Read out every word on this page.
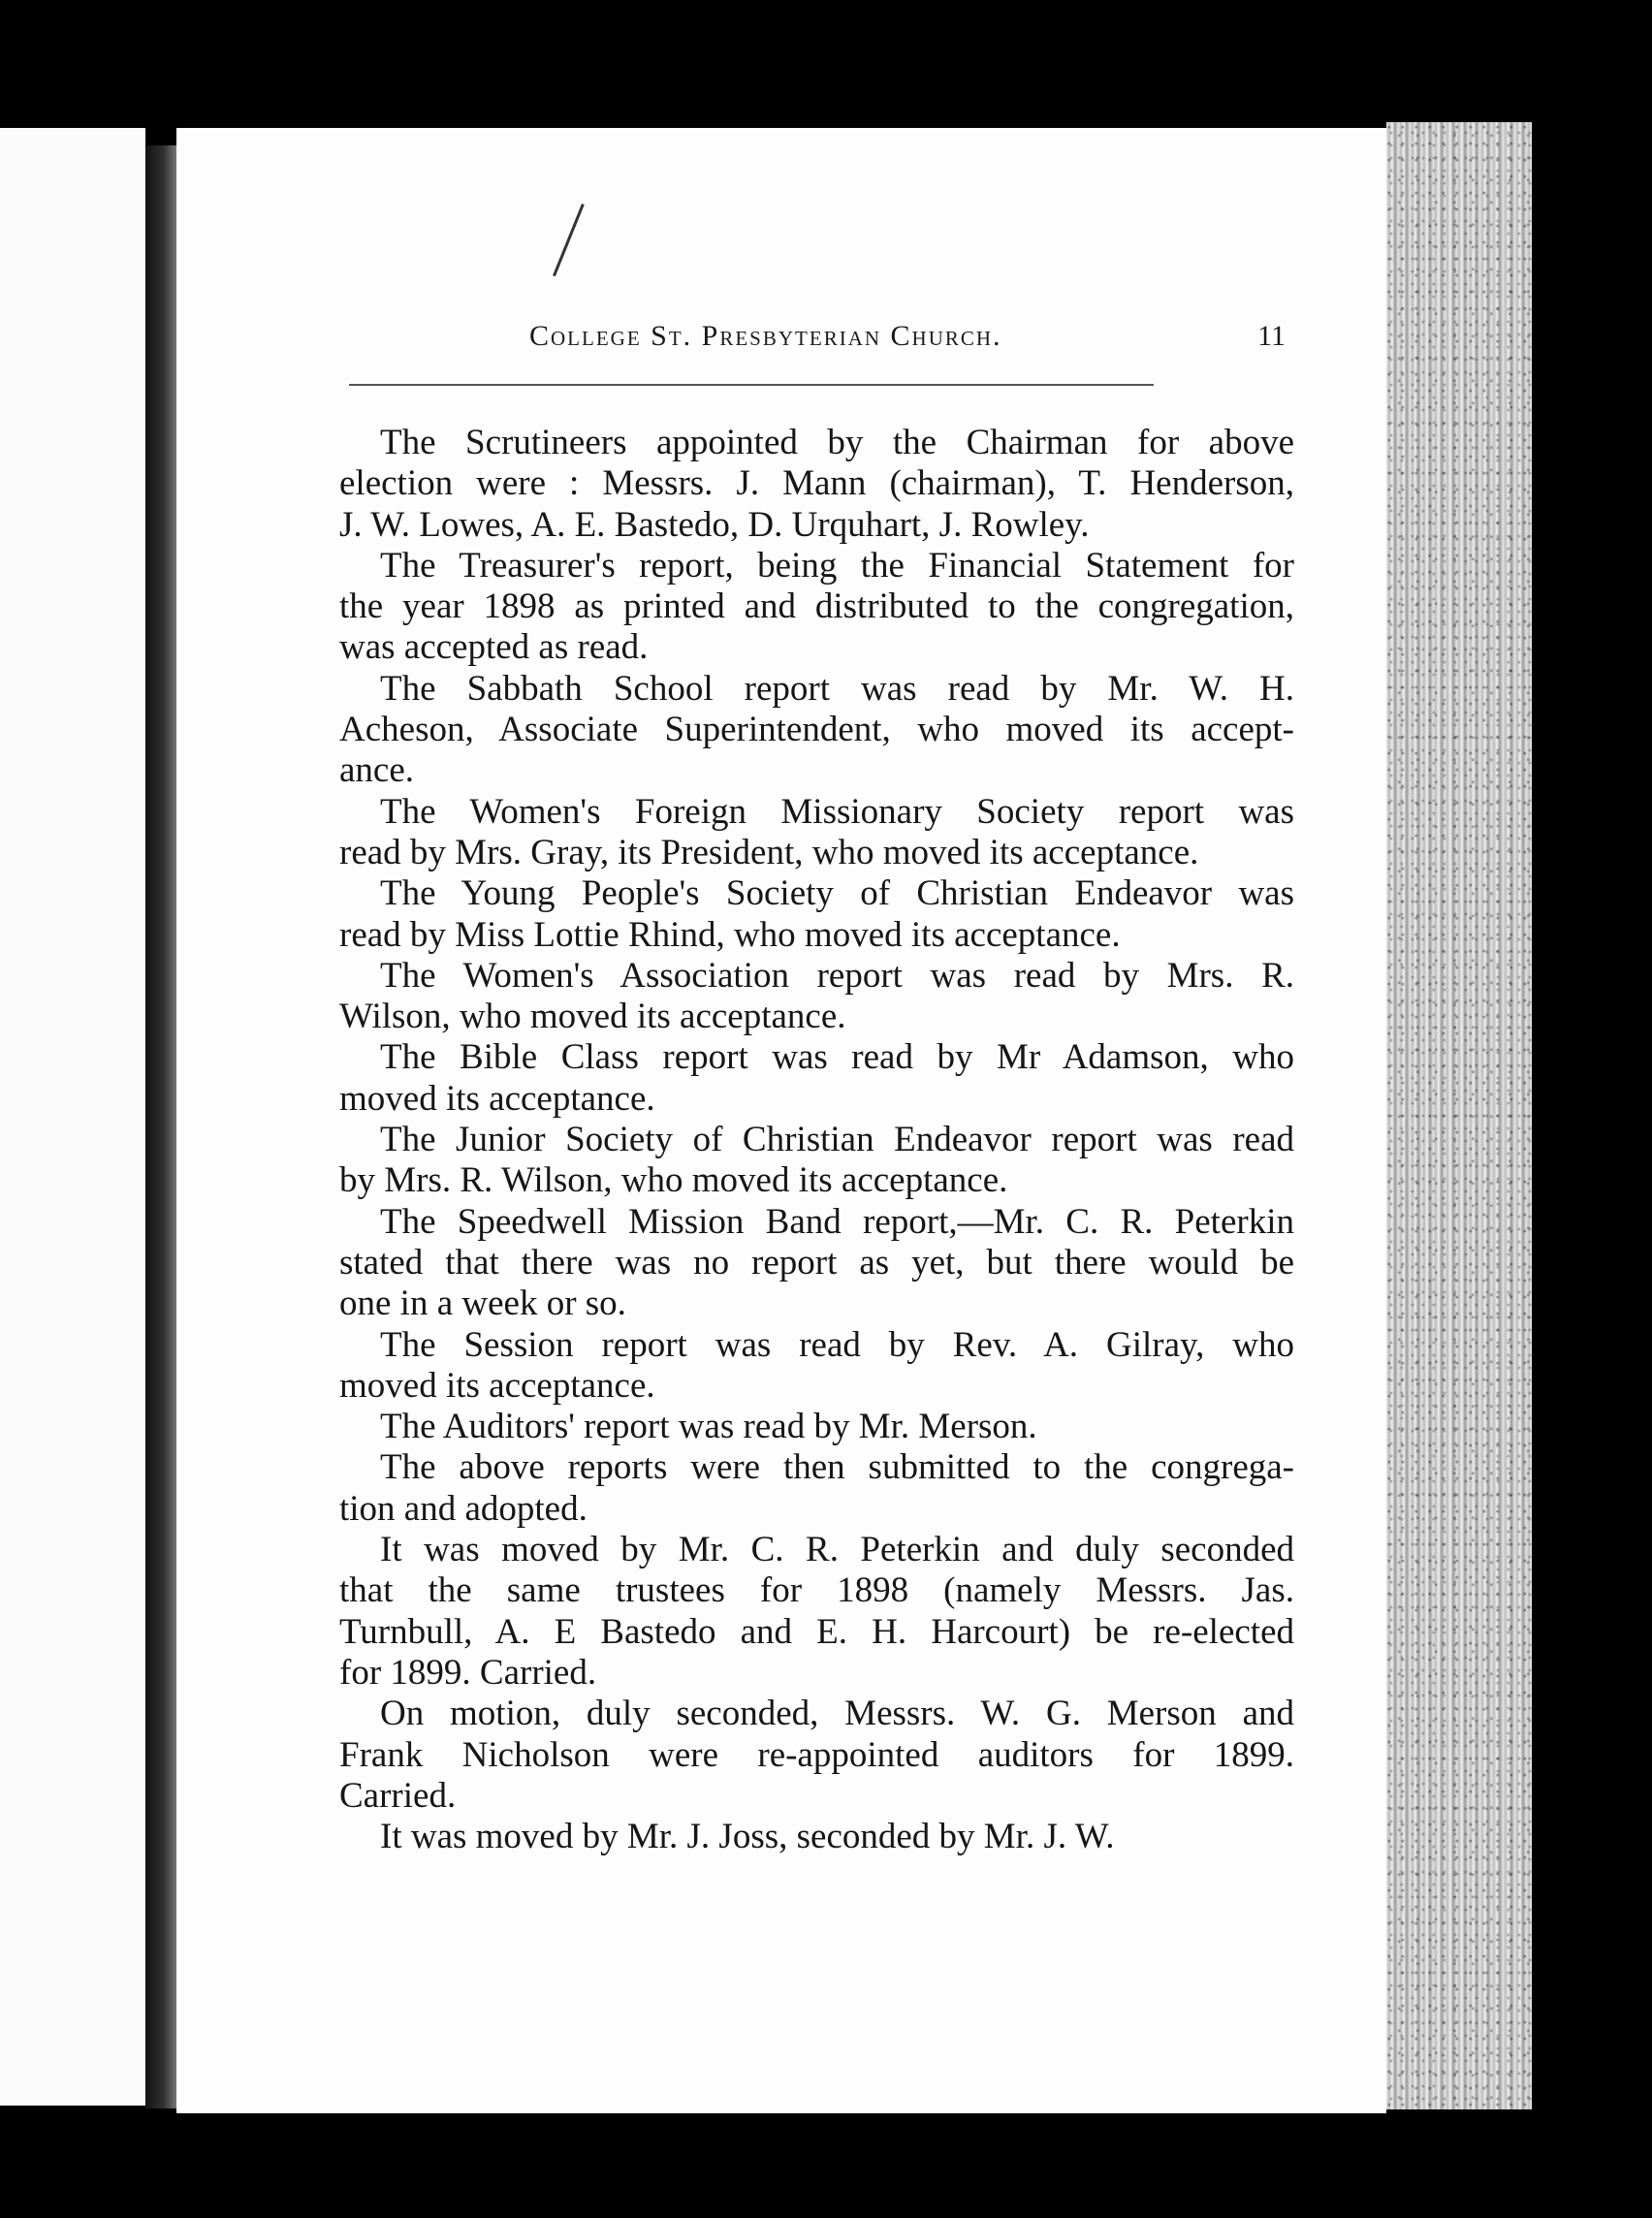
College St. Presbyterian Church.	11
The Scrutineers appointed by the Chairman for above
election were : Messrs. J. Mann (chairman), T. Henderson,
J. W. Lowes, A. E. Bastedo, D. Urquhart, J. Rowley.
The Treasurer's report, being the Financial Statement for
the year 1898 as printed and distributed to the congregation,
was accepted as read.
The Sabbath School report was read by Mr. W. H.
Acheson, Associate Superintendent, who moved its accept-
ance.
The Women's Foreign Missionary Society report was
read by Mrs. Gray, its President, who moved its acceptance.
The Young People's Society of Christian Endeavor was
read by Miss Lottie Rhind, who moved its acceptance.
The Women's Association report was read by Mrs. R.
Wilson, who moved its acceptance.
The Bible Class report was read by Mr Adamson, who
moved its acceptance.
The Junior Society of Christian Endeavor report was read
by Mrs. R. Wilson, who moved its acceptance.
The Speedwell Mission Band report,—Mr. C. R. Peterkin
stated that there was no report as yet, but there would be
one in a week or so.
The Session report was read by Rev. A. Gilray, who
moved its acceptance.
The Auditors' report was read by Mr. Merson.
The above reports were then submitted to the congrega-
tion and adopted.
It was moved by Mr. C. R. Peterkin and duly seconded
that the same trustees for 1898 (namely Messrs. Jas.
Turnbull, A. E Bastedo and E. H. Harcourt) be re-elected
for 1899. Carried.
On motion, duly seconded, Messrs. W. G. Merson and
Frank Nicholson were re-appointed auditors for 1899.
Carried.
It was moved by Mr. J. Joss, seconded by Mr. J. W.
